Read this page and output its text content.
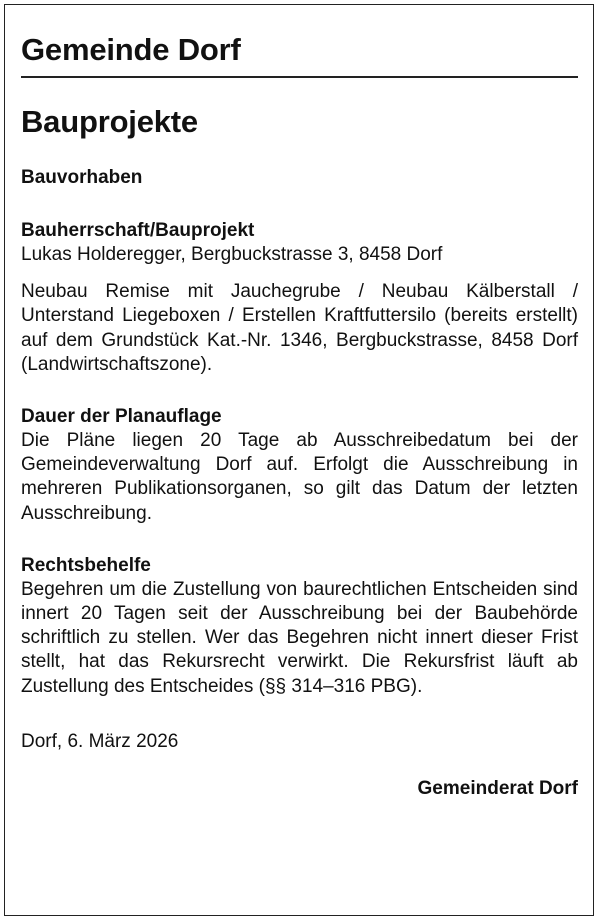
Gemeinde Dorf
Bauprojekte
Bauvorhaben
Bauherrschaft/Bauprojekt

Lukas Holderegger, Bergbuckstrasse 3, 8458 Dorf

Neubau Remise mit Jauchegrube / Neubau Kälberstall / Unterstand Liegeboxen / Erstellen Kraftfuttersilo (bereits erstellt) auf dem Grundstück Kat.-Nr. 1346, Bergbuckstrasse, 8458 Dorf (Landwirtschaftszone).

Dauer der Planauflage

Die Pläne liegen 20 Tage ab Ausschreibedatum bei der Gemeindeverwaltung Dorf auf. Erfolgt die Ausschreibung in mehreren Publikationsorganen, so gilt das Datum der letzten Ausschreibung.

Rechtsbehelfe

Begehren um die Zustellung von baurechtlichen Entscheiden sind innert 20 Tagen seit der Ausschreibung bei der Baubehörde schriftlich zu stellen. Wer das Begehren nicht innert dieser Frist stellt, hat das Rekursrecht verwirkt. Die Rekursfrist läuft ab Zustellung des Entscheides (§§ 314–316 PBG).

Dorf, 6. März 2026

Gemeinderat Dorf
